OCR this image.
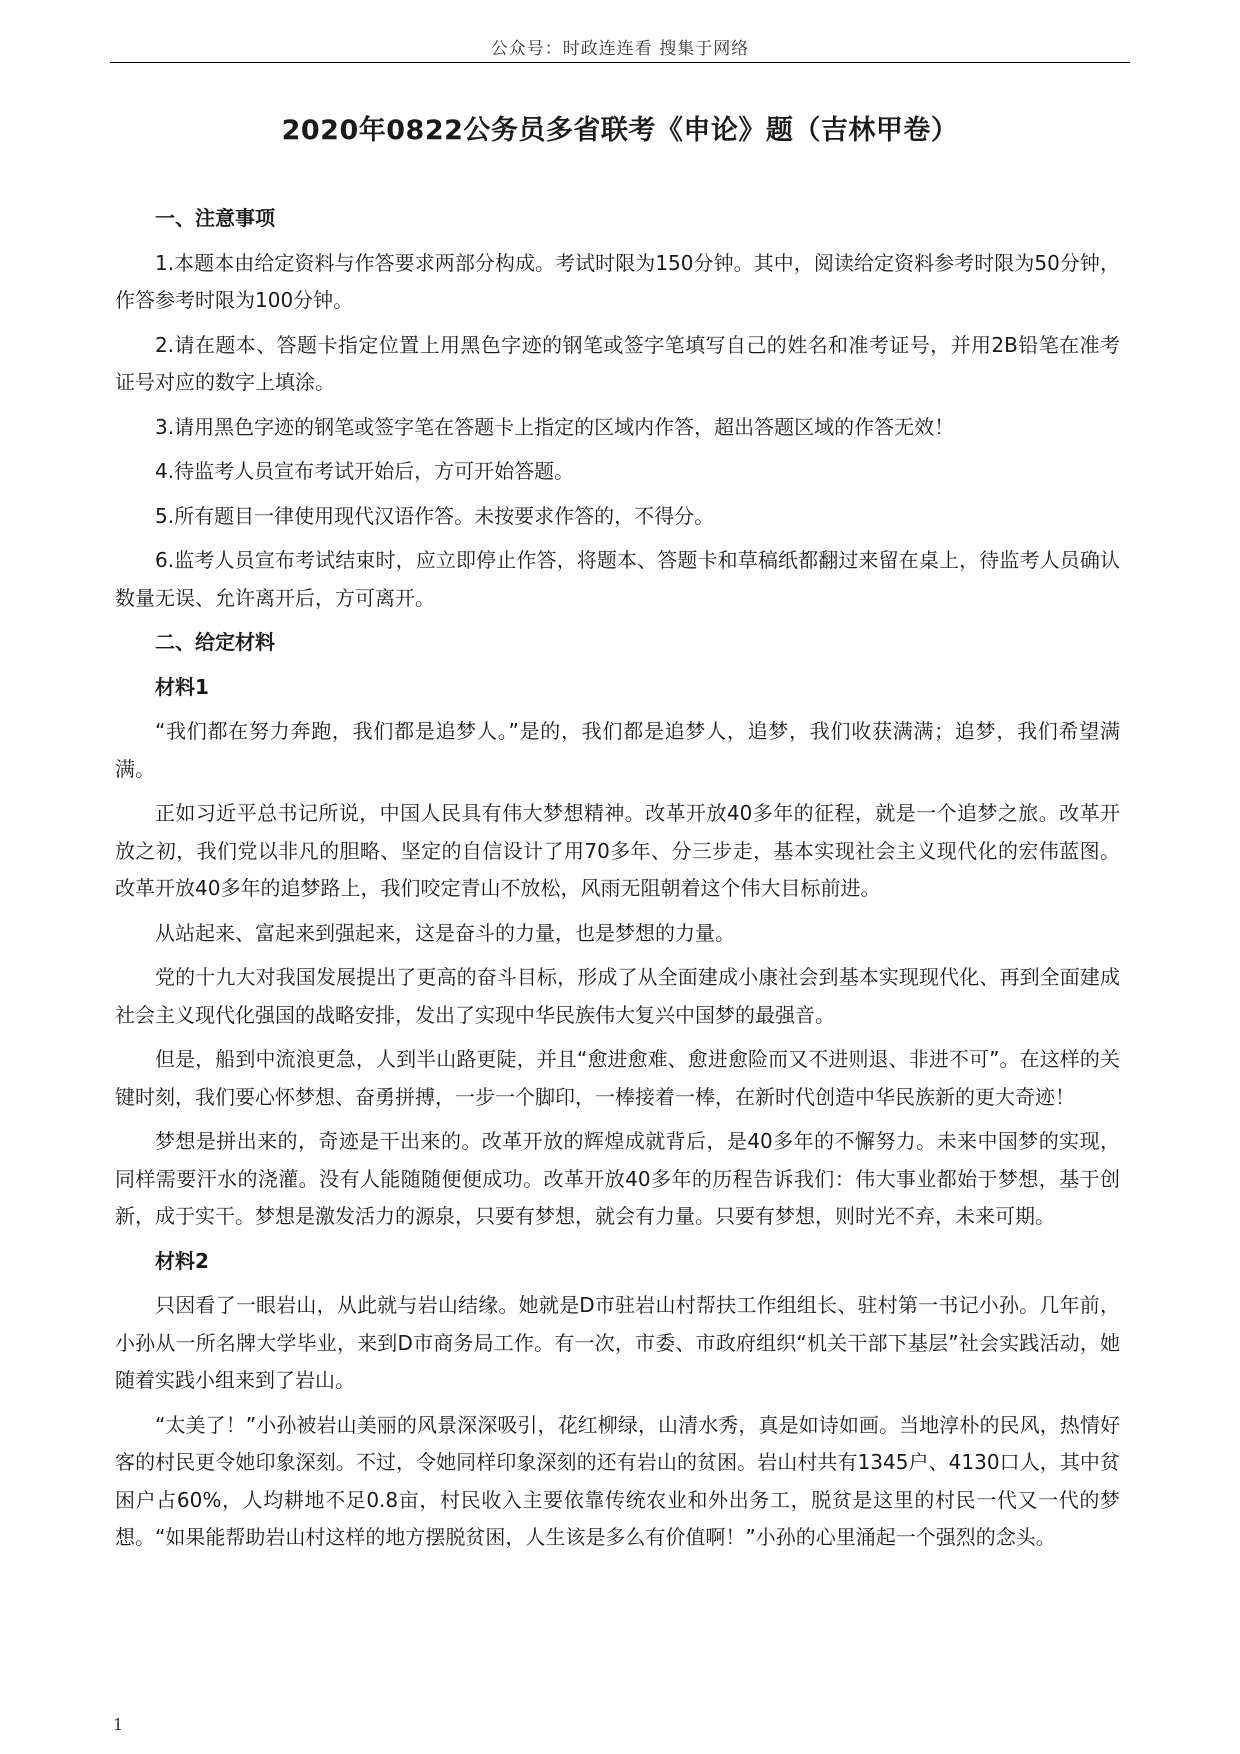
公众号：时政连连看 搜集于网络
2020年0822公务员多省联考《申论》题（吉林甲卷）
一、注意事项
1.本题本由给定资料与作答要求两部分构成。考试时限为150分钟。其中，阅读给定资料参考时限为50分钟，作答参考时限为100分钟。
2.请在题本、答题卡指定位置上用黑色字迹的钢笔或签字笔填写自己的姓名和准考证号，并用2B铅笔在准考证号对应的数字上填涂。
3.请用黑色字迹的钢笔或签字笔在答题卡上指定的区域内作答，超出答题区域的作答无效！
4.待监考人员宣布考试开始后，方可开始答题。
5.所有题目一律使用现代汉语作答。未按要求作答的，不得分。
6.监考人员宣布考试结束时，应立即停止作答，将题本、答题卡和草稿纸都翻过来留在桌上，待监考人员确认数量无误、允许离开后，方可离开。
二、给定材料
材料1
“我们都在努力奔跑，我们都是追梦人。”是的，我们都是追梦人，追梦，我们收获满满；追梦，我们希望满满。
正如习近平总书记所说，中国人民具有伟大梦想精神。改革开放40多年的征程，就是一个追梦之旅。改革开放之初，我们党以非凡的胆略、坚定的自信设计了用70多年、分三步走，基本实现社会主义现代化的宏伟蓝图。改革开放40多年的追梦路上，我们咬定青山不放松，风雨无阻朝着这个伟大目标前进。
从站起来、富起来到强起来，这是奋斗的力量，也是梦想的力量。
党的十九大对我国发展提出了更高的奋斗目标，形成了从全面建成小康社会到基本实现现代化、再到全面建成社会主义现代化强国的战略安排，发出了实现中华民族伟大复兴中国梦的最强音。
但是，船到中流浪更急，人到半山路更陡，并且“愈进愈难、愈进愈险而又不进则退、非进不可”。在这样的关键时刻，我们要心怀梦想、奋勇拼搏，一步一个脚印，一棒接着一棒，在新时代创造中华民族新的更大奇迹！
梦想是拼出来的，奇迹是干出来的。改革开放的辉煌成就背后，是40多年的不懈努力。未来中国梦的实现，同样需要汗水的浇灌。没有人能随随便便成功。改革开放40多年的历程告诉我们：伟大事业都始于梦想，基于创新，成于实干。梦想是激发活力的源泉，只要有梦想，就会有力量。只要有梦想，则时光不弃，未来可期。
材料2
只因看了一眼岩山，从此就与岩山结缘。她就是D市驻岩山村帮扶工作组组长、驻村第一书记小孙。几年前，小孙从一所名牌大学毕业，来到D市商务局工作。有一次，市委、市政府组织“机关干部下基层”社会实践活动，她随着实践小组来到了岩山。
“太美了！”小孙被岩山美丽的风景深深吸引，花红柳绿，山清水秀，真是如诗如画。当地淳朴的民风，热情好客的村民更令她印象深刻。不过，令她同样印象深刻的还有岩山的贫困。岩山村共有1345户、4130口人，其中贫困户占60%，人均耕地不足0.8亩，村民收入主要依靠传统农业和外出务工，脱贫是这里的村民一代又一代的梦想。“如果能帮助岩山村这样的地方摆脱贫困，人生该是多么有价值啊！”小孙的心里涌起一个强烈的念头。
1
